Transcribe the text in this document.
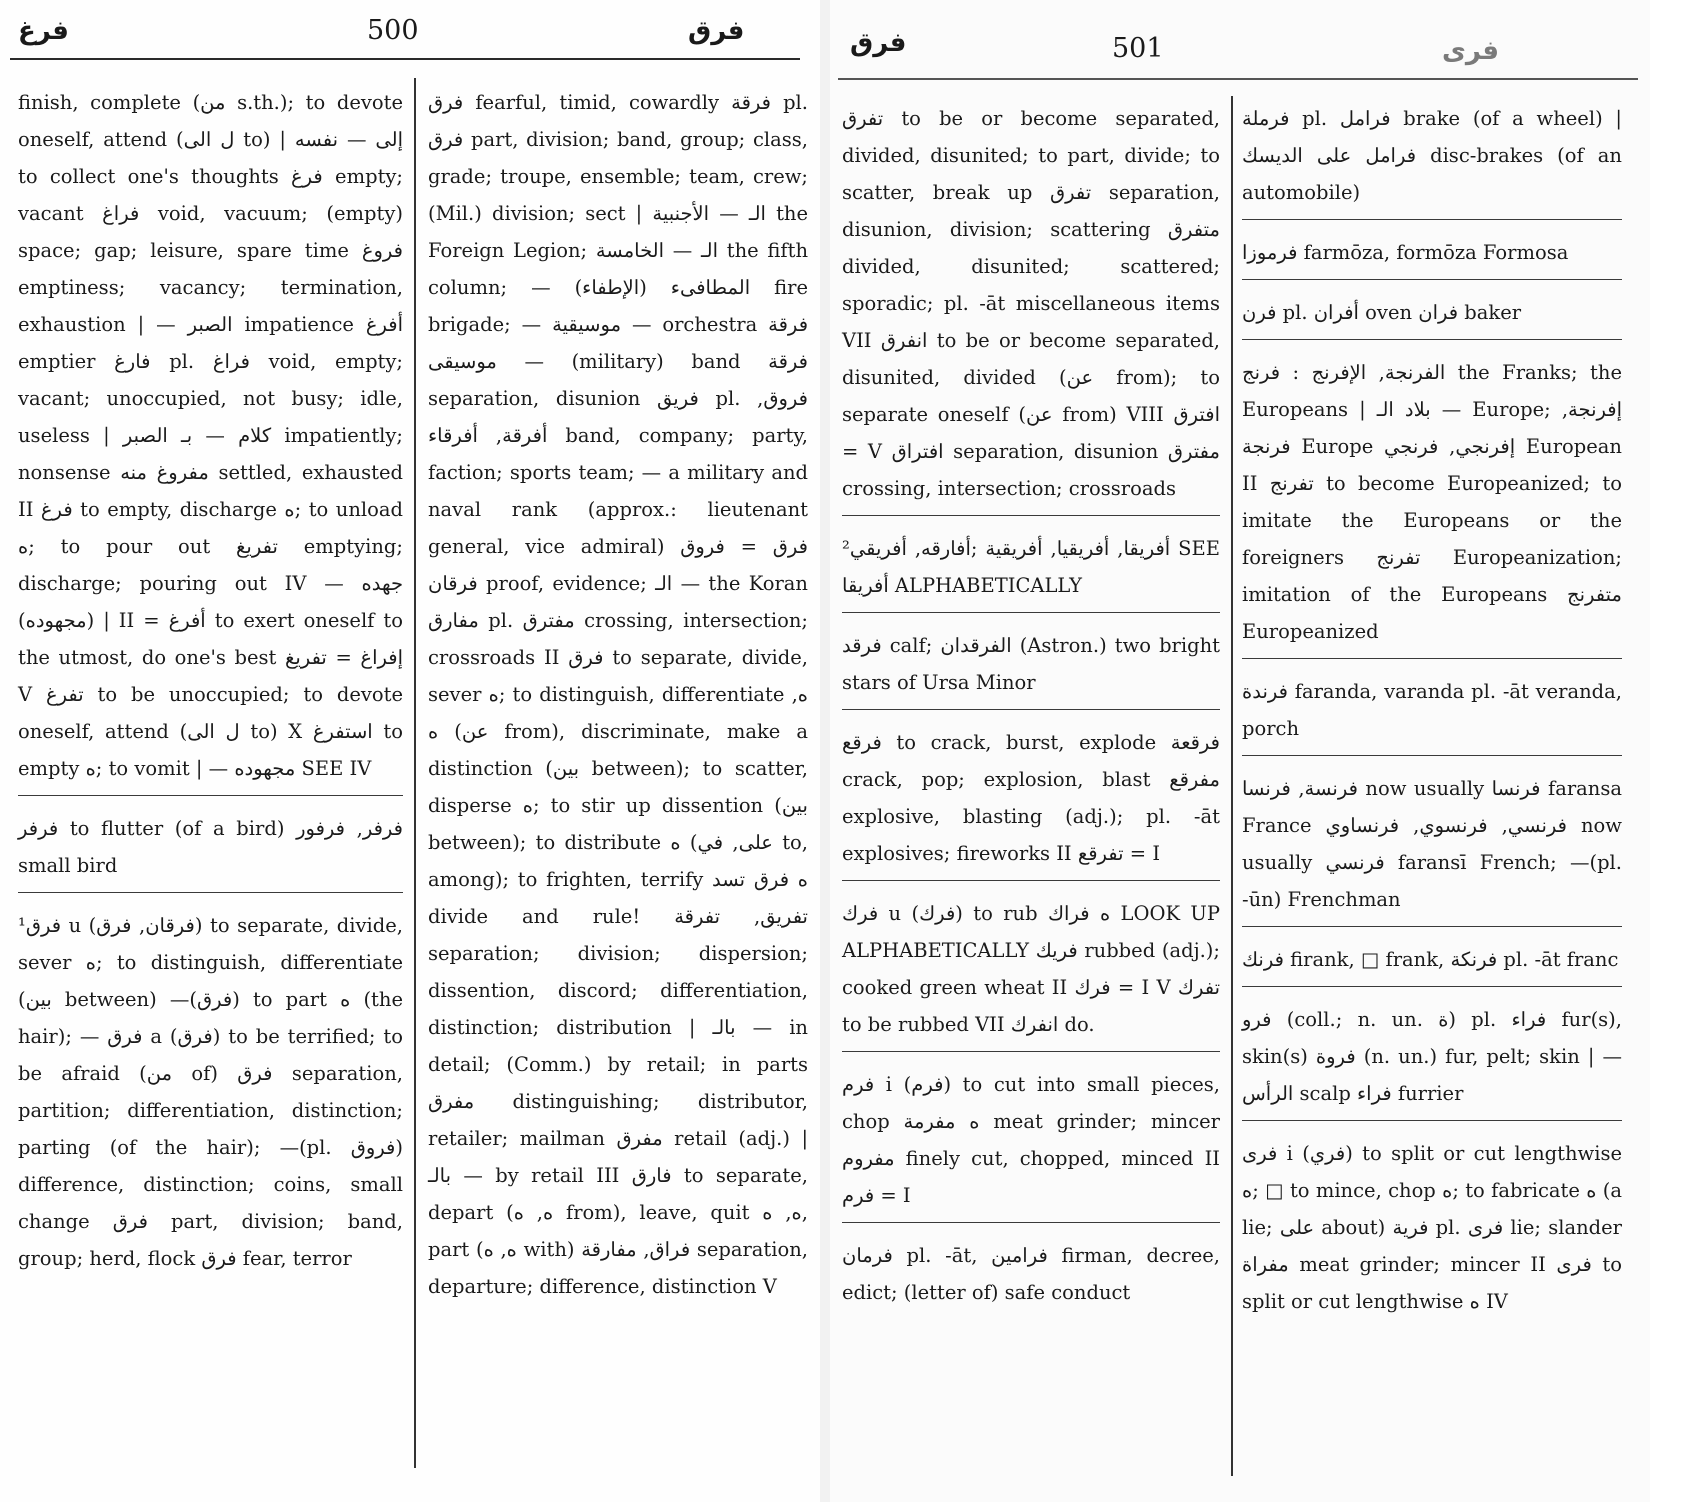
فرغ	500	فرق

finish, complete (من s.th.); to devote oneself, attend (ل الى to) | إلى — نفسه to collect one's thoughts فرغ empty; vacant فراغ void, vacuum; (empty) space; gap; leisure, spare time فروغ emptiness; vacancy; termination, exhaustion | — الصبر impatience أفرغ emptier فارغ pl. فراغ void, empty; vacant; unoccupied, not busy; idle, useless | كلام — بـ الصبر impatiently; nonsense مفروغ منه settled, exhausted II فرغ to empty, discharge ه; to unload ه; to pour out تفريغ emptying; discharge; pouring out IV — جهده (مجهوده) | II = أفرغ to exert oneself to the utmost, do one's best إفراغ = تفريغ V تفرغ to be unoccupied; to devote oneself, attend (ل الى to) X استفرغ to empty ه; to vomit | — مجهوده SEE IV

فرفر to flutter (of a bird) فرفر, فرفور small bird

فرق¹ u (فرقان, فرق) to separate, divide, sever ه; to distinguish, differentiate (بين between) —(فرق) to part ه (the hair); — فرق a (فرق) to be terrified; to be afraid (من of) فرق separation, partition; differentiation, distinction; parting (of the hair); —(pl. فروق) difference, distinction; coins, small change فرق part, division; band, group; herd, flock فرق fear, terror

فرق fearful, timid, cowardly فرقة pl. فرق part, division; band, group; class, grade; troupe, ensemble; team, crew; (Mil.) division; sect | الـ — الأجنبية the Foreign Legion; الـ — الخامسة the fifth column; — المطافىء (الإطفاء) fire brigade; — موسيقية — orchestra فرقة — موسيقى (military) band فرقة separation, disunion فريق pl. فروق, أفرقة, أفرقاء band, company; party, faction; sports team; — a military and naval rank (approx.: lieutenant general, vice admiral) فرق = فروق فرقان proof, evidence; الـ — the Koran مفارق pl. مفترق crossing, intersection; crossroads II فرق to separate, divide, sever ه; to distinguish, differentiate ه, ه (عن from), discriminate, make a distinction (بين between); to scatter, disperse ه; to stir up dissention (بين between); to distribute ه (على, في to, among); to frighten, terrify ه فرق تسد divide and rule! تفريق, تفرقة separation; division; dispersion; dissention, discord; differentiation, distinction; distribution | بالـ — in detail; (Comm.) by retail; in parts مفرق distinguishing; distributor, retailer; mailman مفرق retail (adj.) | بالـ — by retail III فارق to separate, depart (ه, ه from), leave, quit ه, ه, part (ه, ه with) فراق, مفارقة separation, departure; difference, distinction V

فرق	501	فرى

تفرق to be or become separated, divided, disunited; to part, divide; to scatter, break up تفرق separation, disunion, division; scattering متفرق divided, disunited; scattered; sporadic; pl. -āt miscellaneous items VII انفرق to be or become separated, disunited, divided (عن from); to separate oneself (عن from) VIII افترق = V افتراق separation, disunion مفترق crossing, intersection; crossroads

أفريقا, أفريقيا, أفريقية ;أفارقه, أفريقي² SEE أفريقا ALPHABETICALLY

فرقد calf; الفرقدان (Astron.) two bright stars of Ursa Minor

فرقع to crack, burst, explode فرقعة crack, pop; explosion, blast مفرقع explosive, blasting (adj.); pl. -āt explosives; fireworks II تفرقع = I

فرك u (فرك) to rub ه فراك LOOK UP ALPHABETICALLY فريك rubbed (adj.); cooked green wheat II فرك = I V تفرك to be rubbed VII انفرك do.

فرم i (فرم) to cut into small pieces, chop ه مفرمة meat grinder; mincer مفروم finely cut, chopped, minced II فرم = I

فرمان pl. -āt, فرامين firman, decree, edict; (letter of) safe conduct

فرملة pl. فرامل brake (of a wheel) | فرامل على الديسك disc-brakes (of an automobile)

فرموزا farmōza, formōza Formosa

فرن pl. أفران oven فران baker

الفرنجة, الإفرنج : فرنج the Franks; the Europeans | بلاد الـ — Europe; إفرنجة, فرنجة Europe إفرنجي, فرنجي European II تفرنج to become Europeanized; to imitate the Europeans or the foreigners تفرنج Europeanization; imitation of the Europeans متفرنج Europeanized

فرندة faranda, varanda pl. -āt veranda, porch

فرنسة, فرنسا now usually فرنسا faransa France فرنسي, فرنسوي, فرنساوي now usually فرنسي faransī French; —(pl. -ūn) Frenchman

فرنك firank, □ frank, فرنكة pl. -āt franc

فرو (coll.; n. un. ة) pl. فراء fur(s), skin(s) فروة (n. un.) fur, pelt; skin | — الرأس scalp فراء furrier

فرى i (فري) to split or cut lengthwise ه; □ to mince, chop ه; to fabricate ه (a lie; على about) فرية pl. فرى lie; slander مفراة meat grinder; mincer II فرى to split or cut lengthwise ه IV
